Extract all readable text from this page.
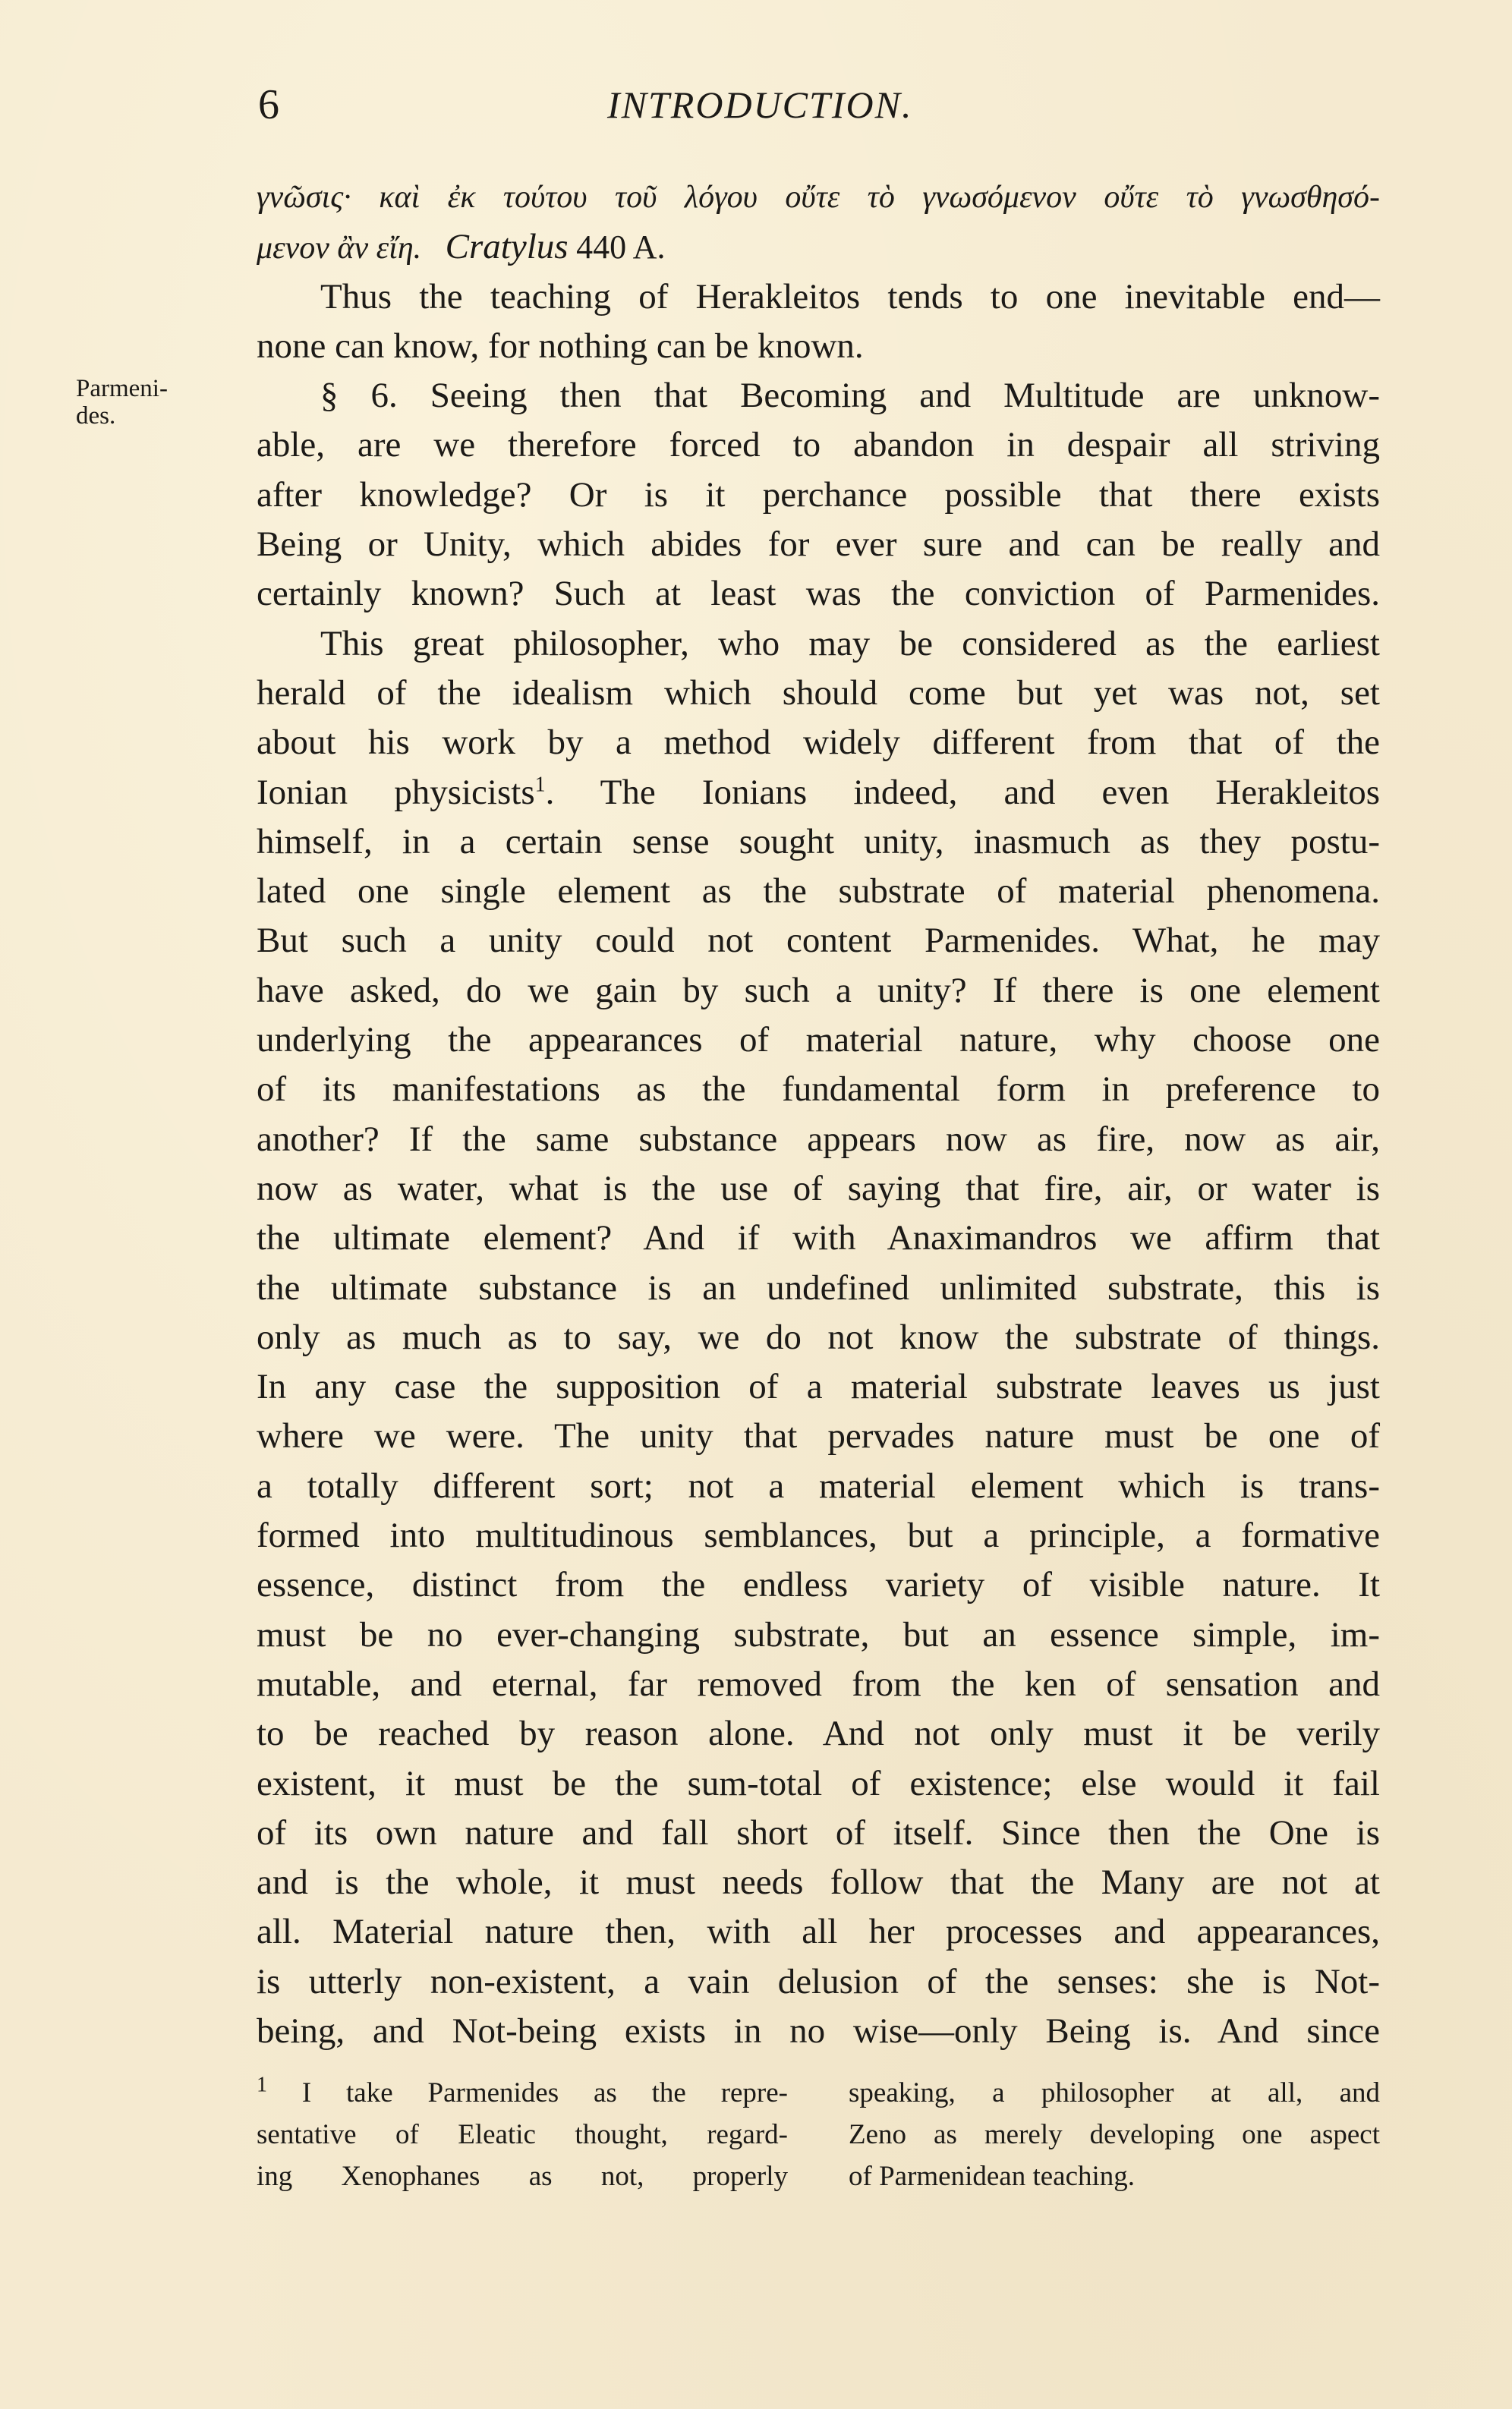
6	INTRODUCTION.
Parmeni-
des.
γνῶσις· καὶ ἐκ τούτου τοῦ λόγου οὔτε τὸ γνωσόμενον οὔτε τὸ γνωσθησό-
μενον ἂν εἴη. Cratylus 440 A.
Thus the teaching of Herakleitos tends to one inevitable end—
none can know, for nothing can be known.
§ 6. Seeing then that Becoming and Multitude are unknow-
able, are we therefore forced to abandon in despair all striving
after knowledge? Or is it perchance possible that there exists
Being or Unity, which abides for ever sure and can be really and
certainly known? Such at least was the conviction of Parmenides.
This great philosopher, who may be considered as the earliest
herald of the idealism which should come but yet was not, set
about his work by a method widely different from that of the
Ionian physicists$^1$. The Ionians indeed, and even Herakleitos
himself, in a certain sense sought unity, inasmuch as they postu-
lated one single element as the substrate of material phenomena.
But such a unity could not content Parmenides. What, he may
have asked, do we gain by such a unity? If there is one element
underlying the appearances of material nature, why choose one
of its manifestations as the fundamental form in preference to
another? If the same substance appears now as fire, now as air,
now as water, what is the use of saying that fire, air, or water is
the ultimate element? And if with Anaximandros we affirm that
the ultimate substance is an undefined unlimited substrate, this is
only as much as to say, we do not know the substrate of things.
In any case the supposition of a material substrate leaves us just
where we were. The unity that pervades nature must be one of
a totally different sort; not a material element which is trans-
formed into multitudinous semblances, but a principle, a formative
essence, distinct from the endless variety of visible nature. It
must be no ever-changing substrate, but an essence simple, im-
mutable, and eternal, far removed from the ken of sensation and
to be reached by reason alone. And not only must it be verily
existent, it must be the sum-total of existence; else would it fail
of its own nature and fall short of itself. Since then the One is
and is the whole, it must needs follow that the Many are not at
all. Material nature then, with all her processes and appearances,
is utterly non-existent, a vain delusion of the senses: she is Not-
being, and Not-being exists in no wise—only Being is. And since
$^1$ I take Parmenides as the repre-
sentative of Eleatic thought, regard-
ing Xenophanes as not, properly
speaking, a philosopher at all, and
Zeno as merely developing one aspect
of Parmenidean teaching.
